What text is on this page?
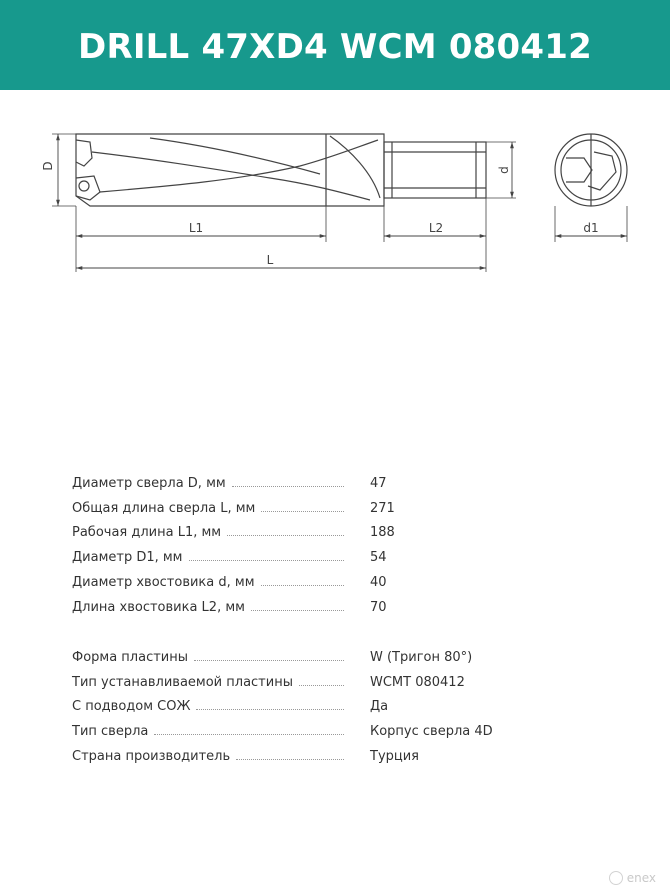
DRILL 47XD4 WCM 080412
D	d
L1	L2
L
d1
Диаметр сверла D, мм	47
Общая длина сверла L, мм	271
Рабочая длина L1, мм	188
Диаметр D1, мм	54
Диаметр хвостовика d, мм	40
Длина хвостовика L2, мм	70
Форма пластины	W (Тригон 80°)
Тип устанавливаемой пластины	WCMT 080412
С подводом СОЖ	Да
Тип сверла	Корпус сверла 4D
Страна производитель	Турция
enex
